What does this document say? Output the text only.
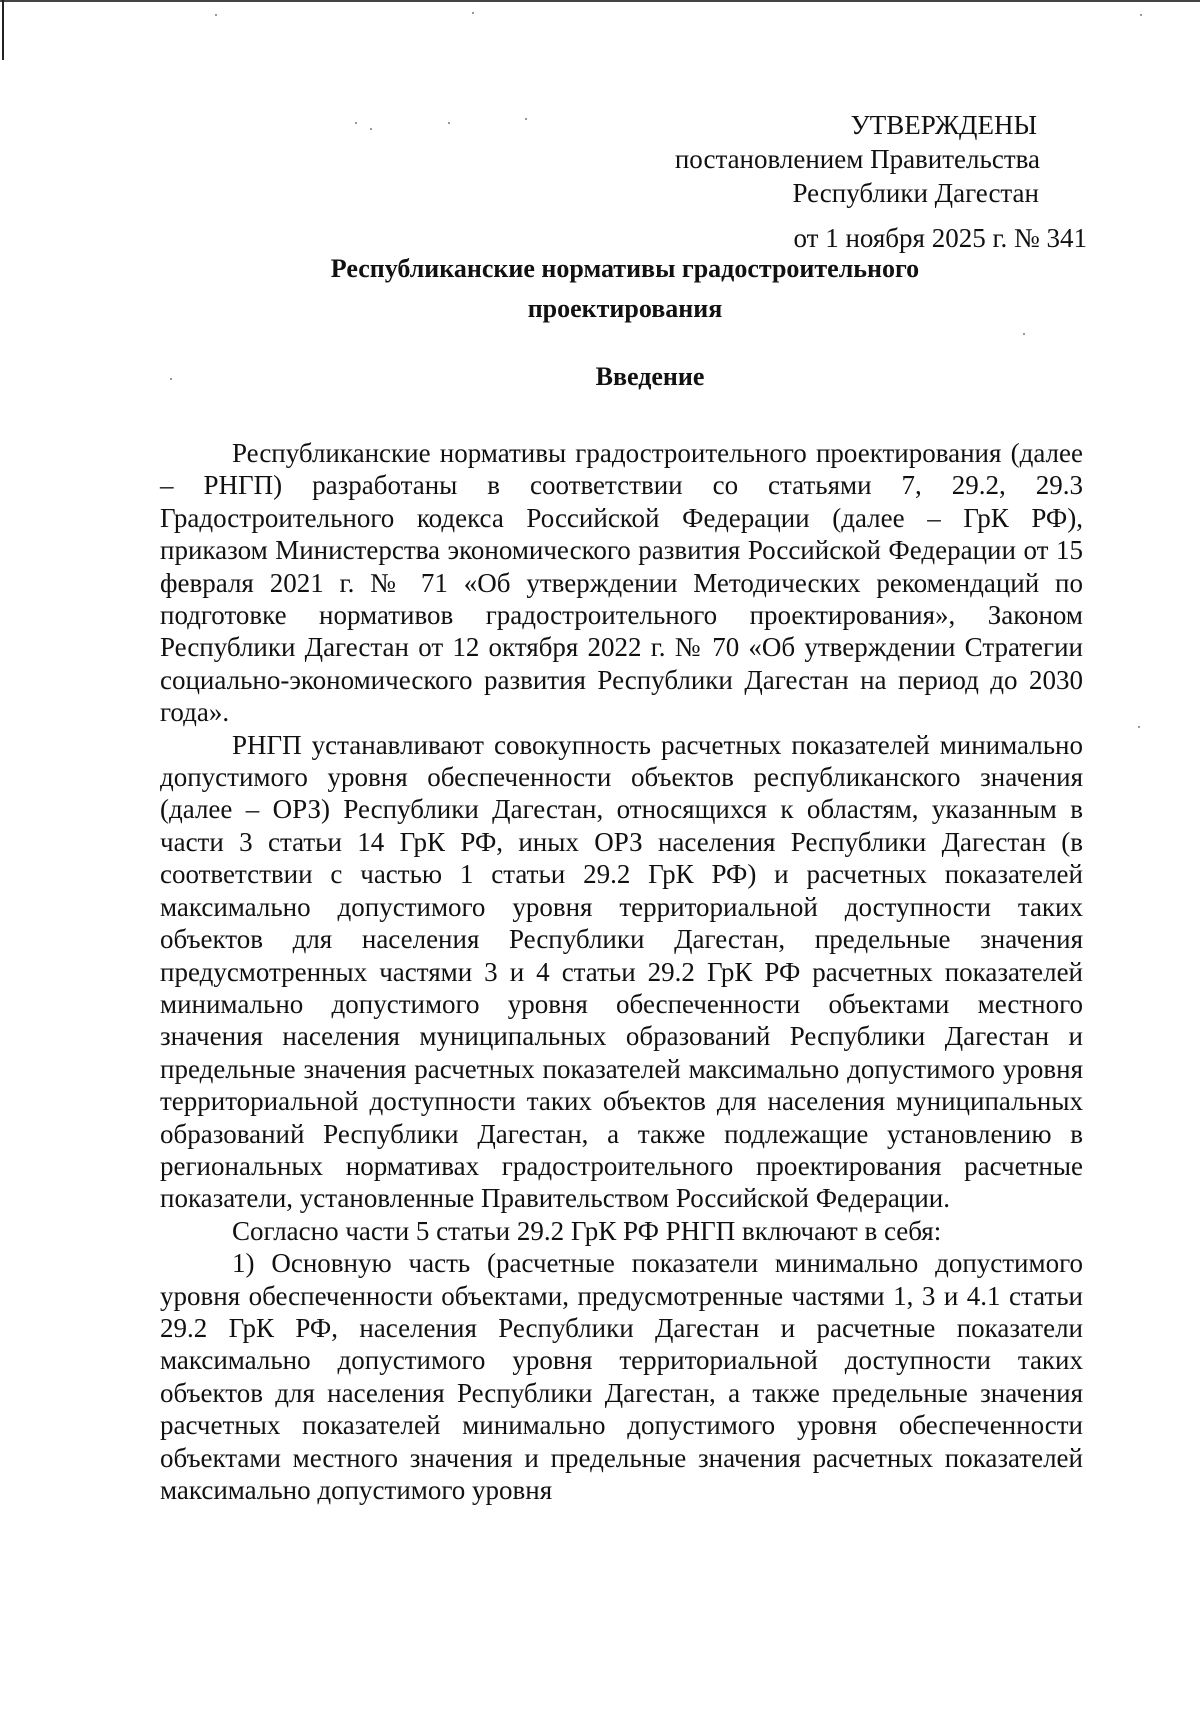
УТВЕРЖДЕНЫ
постановлением Правительства
Республики Дагестан
от 1 ноября 2025 г. № 341
Республиканские нормативы градостроительного проектирования
Введение

Республиканские нормативы градостроительного проектирования (далее – РНГП) разработаны в соответствии со статьями 7, 29.2, 29.3 Градостроительного кодекса Российской Федерации (далее – ГрК РФ), приказом Министерства экономического развития Российской Федерации от 15 февраля 2021 г. № 71 «Об утверждении Методических рекомендаций по подготовке нормативов градостроительного проектирования», Законом Республики Дагестан от 12 октября 2022 г. № 70 «Об утверждении Стратегии социально-экономического развития Республики Дагестан на период до 2030 года».

РНГП устанавливают совокупность расчетных показателей минимально допустимого уровня обеспеченности объектов республиканского значения (далее – ОРЗ) Республики Дагестан, относящихся к областям, указанным в части 3 статьи 14 ГрК РФ, иных ОРЗ населения Республики Дагестан (в соответствии с частью 1 статьи 29.2 ГрК РФ) и расчетных показателей максимально допустимого уровня территориальной доступности таких объектов для населения Республики Дагестан, предельные значения предусмотренных частями 3 и 4 статьи 29.2 ГрК РФ расчетных показателей минимально допустимого уровня обеспеченности объектами местного значения населения муниципальных образований Республики Дагестан и предельные значения расчетных показателей максимально допустимого уровня территориальной доступности таких объектов для населения муниципальных образований Республики Дагестан, а также подлежащие установлению в региональных нормативах градостроительного проектирования расчетные показатели, установленные Правительством Российской Федерации.

Согласно части 5 статьи 29.2 ГрК РФ РНГП включают в себя:

1) Основную часть (расчетные показатели минимально допустимого уровня обеспеченности объектами, предусмотренные частями 1, 3 и 4.1 статьи 29.2 ГрК РФ, населения Республики Дагестан и расчетные показатели максимально допустимого уровня территориальной доступности таких объектов для населения Республики Дагестан, а также предельные значения расчетных показателей минимально допустимого уровня обеспеченности объектами местного значения и предельные значения расчетных показателей максимально допустимого уровня
